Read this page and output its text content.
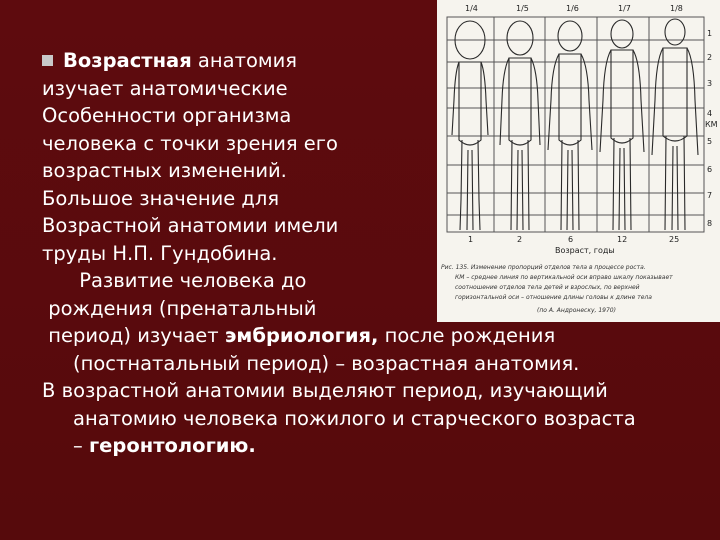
Возрастная анатомия
изучает анатомические
Особенности организма
человека с точки зрения его
возрастных изменений.
Большое значение для
Возрастной анатомии имели
труды Н.П. Гундобина.
Развитие человека до
рождения (пренатальный
период) изучает эмбриология, после рождения
(постнатальный период) – возрастная анатомия.
В возрастной анатомии выделяют период, изучающий
анатомию человека пожилого и старческого возраста
– геронтологию.
1/4	1/5	1/6	1/7	1/8
1
2
3
4
КМ
5
6
7
8
1	2	6	12	25
Возраст, годы
Рис. 135. Изменение пропорций отделов тела в процессе роста.
КМ – среднее линия по вертикальной оси вправо шкалу показывает
соотношение отделов тела детей и взрослых, по верхней
горизонтальной оси – отношение длины головы к длине тела
(по А. Андронеску, 1970)
